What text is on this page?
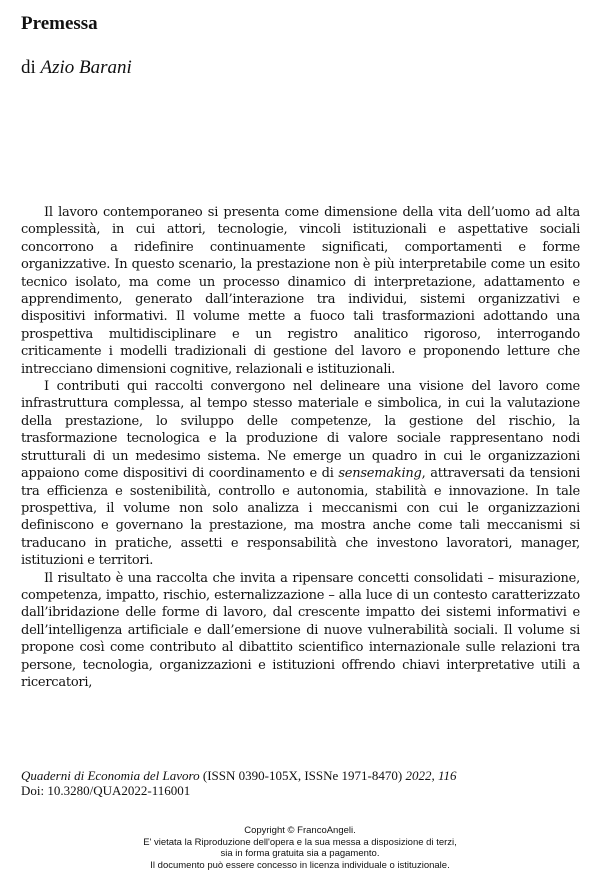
Premessa
di Azio Barani

Il lavoro contemporaneo si presenta come dimensione della vita dell’uomo ad alta complessità, in cui attori, tecnologie, vincoli istituzionali e aspettative sociali concorrono a ridefinire continuamente significati, comportamenti e forme organizzative. In questo scenario, la prestazione non è più interpretabile come un esito tecnico isolato, ma come un processo dinamico di interpretazione, adattamento e apprendimento, generato dall’interazione tra individui, sistemi organizzativi e dispositivi informativi. Il volume mette a fuoco tali trasformazioni adottando una prospettiva multidisciplinare e un registro analitico rigoroso, interrogando criticamente i modelli tradizionali di gestione del lavoro e proponendo letture che intrecciano dimensioni cognitive, relazionali e istituzionali.

I contributi qui raccolti convergono nel delineare una visione del lavoro come infrastruttura complessa, al tempo stesso materiale e simbolica, in cui la valutazione della prestazione, lo sviluppo delle competenze, la gestione del rischio, la trasformazione tecnologica e la produzione di valore sociale rappresentano nodi strutturali di un medesimo sistema. Ne emerge un quadro in cui le organizzazioni appaiono come dispositivi di coordinamento e di sensemaking, attraversati da tensioni tra efficienza e sostenibilità, controllo e autonomia, stabilità e innovazione. In tale prospettiva, il volume non solo analizza i meccanismi con cui le organizzazioni definiscono e governano la prestazione, ma mostra anche come tali meccanismi si traducano in pratiche, assetti e responsabilità che investono lavoratori, manager, istituzioni e territori.

Il risultato è una raccolta che invita a ripensare concetti consolidati – misurazione, competenza, impatto, rischio, esternalizzazione – alla luce di un contesto caratterizzato dall’ibridazione delle forme di lavoro, dal crescente impatto dei sistemi informativi e dell’intelligenza artificiale e dall’emersione di nuove vulnerabilità sociali. Il volume si propone così come contributo al dibattito scientifico internazionale sulle relazioni tra persone, tecnologia, organizzazioni e istituzioni offrendo chiavi interpretative utili a ricercatori,

Quaderni di Economia del Lavoro (ISSN 0390-105X, ISSNe 1971-8470) 2022, 116
Doi: 10.3280/QUA2022-116001
Copyright © FrancoAngeli.
E' vietata la Riproduzione dell'opera e la sua messa a disposizione di terzi,
sia in forma gratuita sia a pagamento.
Il documento può essere concesso in licenza individuale o istituzionale.
